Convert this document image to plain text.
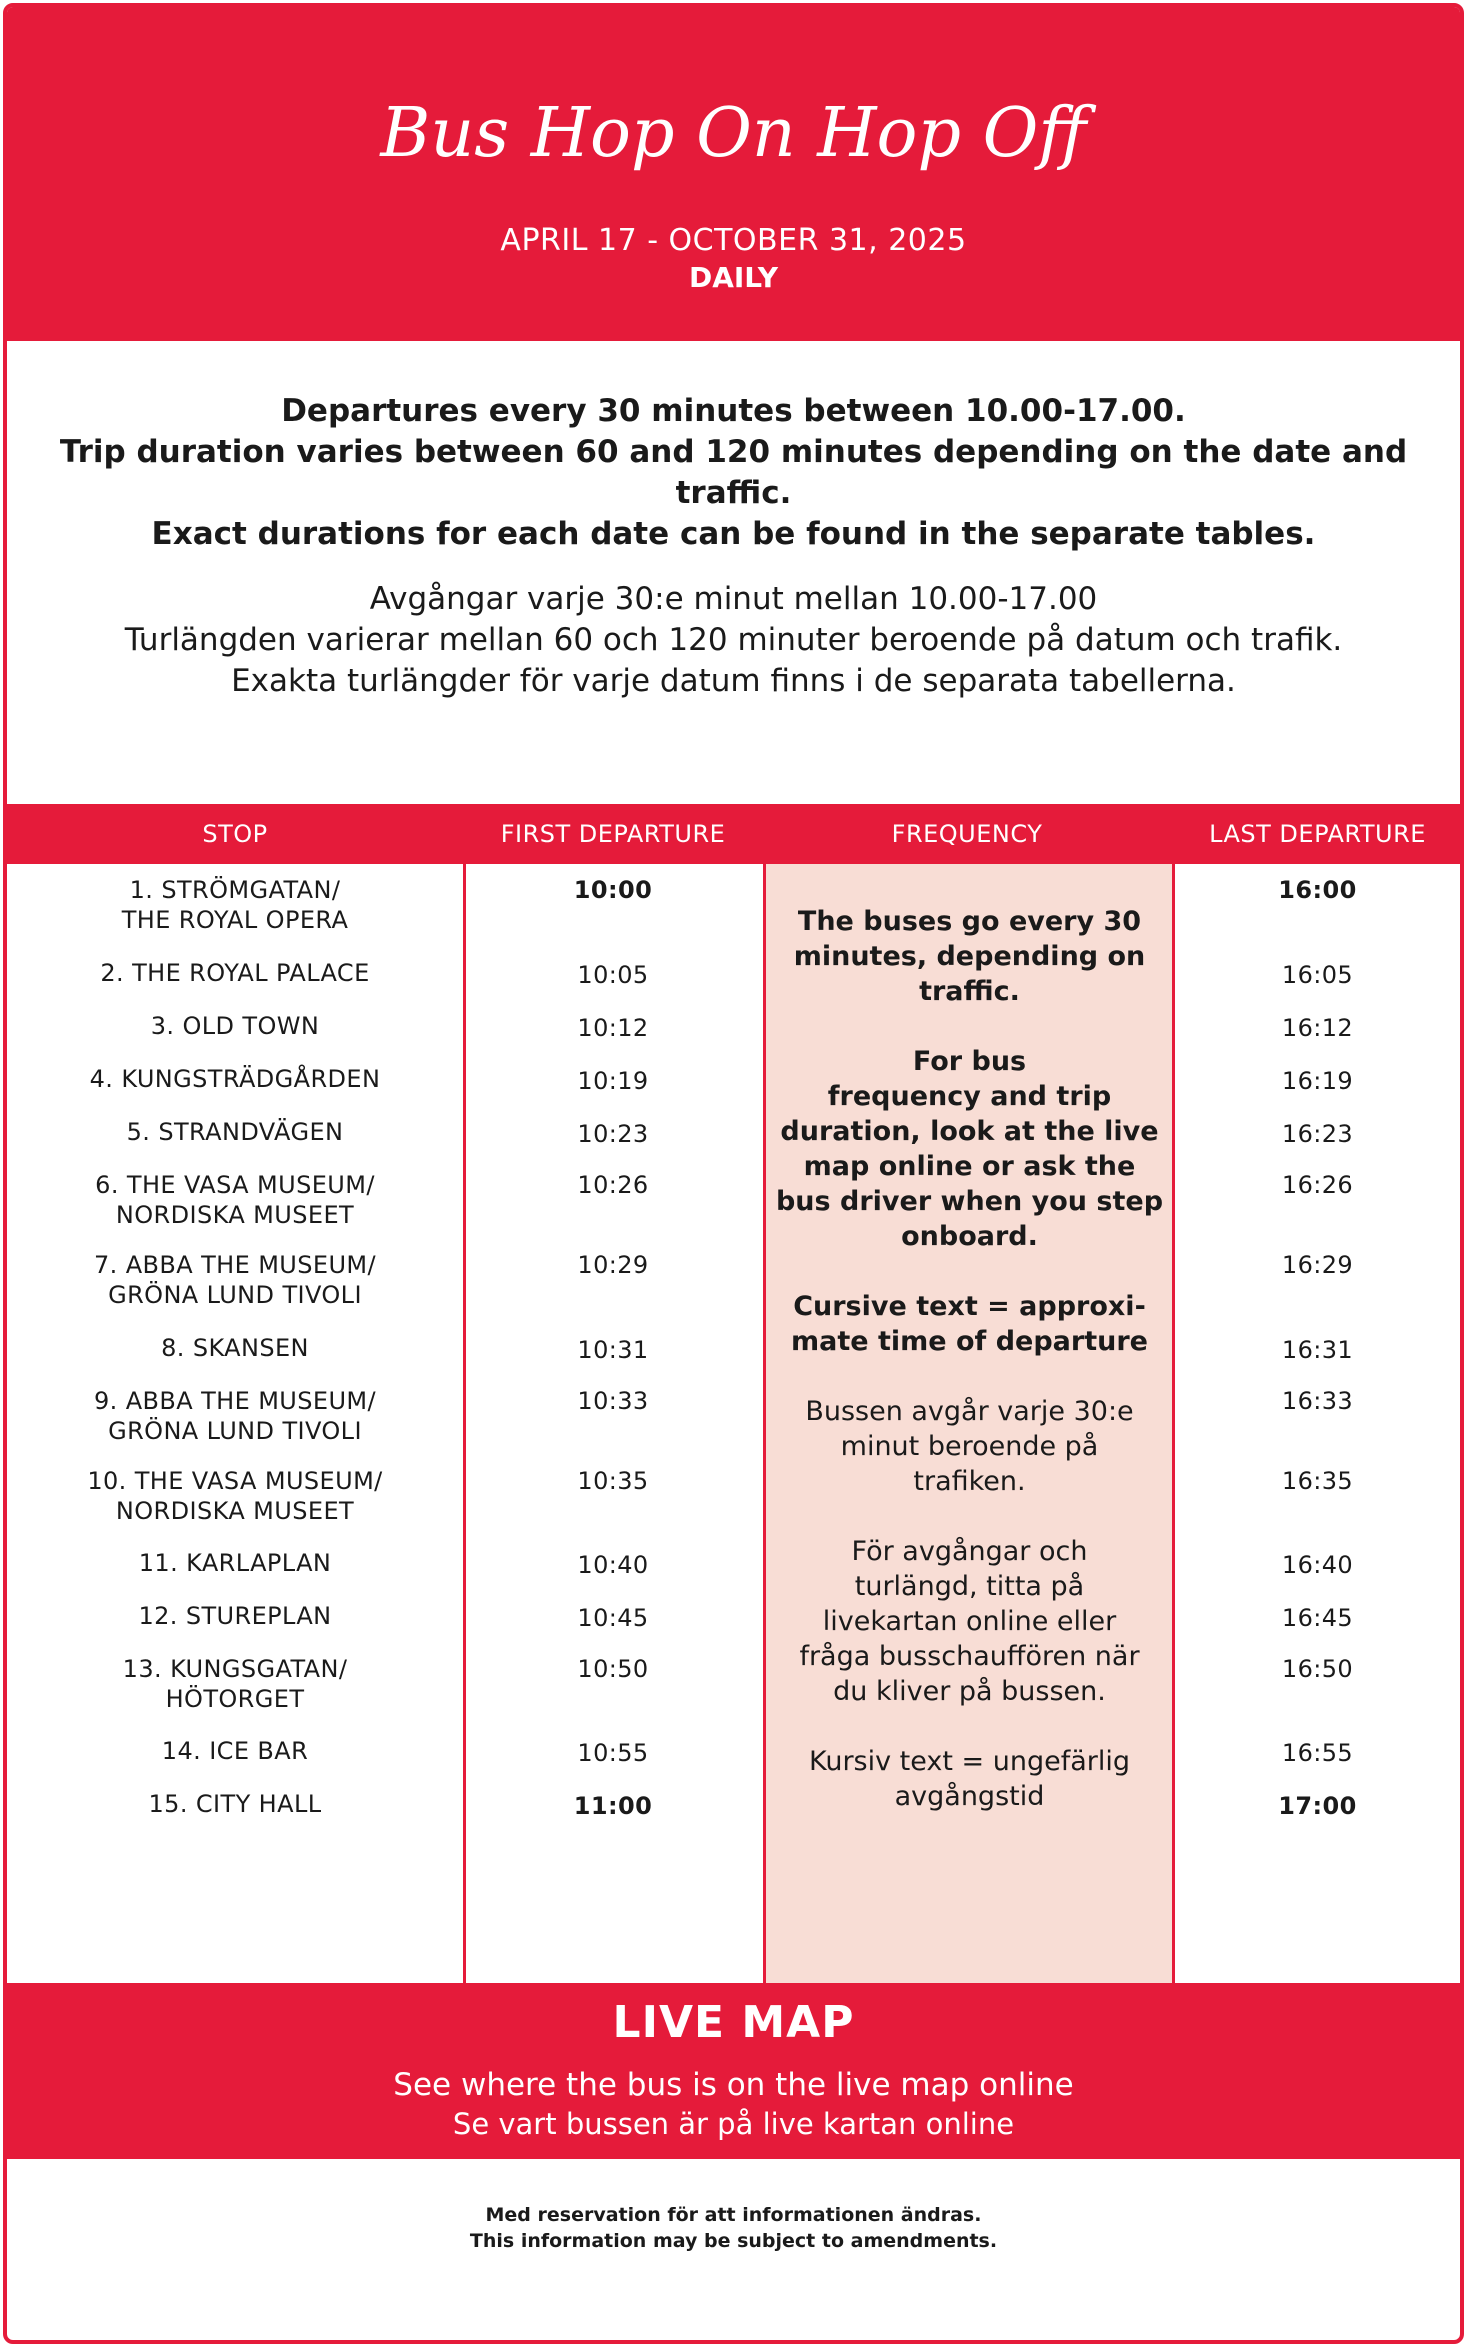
Bus Hop On Hop Off
APRIL 17 - OCTOBER 31, 2025
DAILY

Departures every 30 minutes between 10.00-17.00.

Trip duration varies between 60 and 120 minutes depending on the date and traffic.

Exact durations for each date can be found in the separate tables.

Avgångar varje 30:e minut mellan 10.00-17.00

Turlängden varierar mellan 60 och 120 minuter beroende på datum och trafik.

Exakta turlängder för varje datum finns i de separata tabellerna.

STOP	FIRST DEPARTURE	FREQUENCY	LAST DEPARTURE

The buses go every 30

minutes, depending on

traffic.

For bus

frequency and trip

duration, look at the live

map online or ask the

bus driver when you step

onboard.

Cursive text = approxi-

mate time of departure

Bussen avgår varje 30:e

minut beroende på

trafiken.

För avgångar och

turlängd, titta på

livekartan online eller

fråga busschauffören när

du kliver på bussen.

Kursiv text = ungefärlig

avgångstid

1. STRÖMGATAN/
THE ROYAL OPERA
10:00	16:00
2. THE ROYAL PALACE	10:05	16:05
3. OLD TOWN	10:12	16:12
4. KUNGSTRÄDGÅRDEN	10:19	16:19
5. STRANDVÄGEN	10:23	16:23
6. THE VASA MUSEUM/
NORDISKA MUSEET
10:26	16:26
7. ABBA THE MUSEUM/
GRÖNA LUND TIVOLI
10:29	16:29
8. SKANSEN	10:31	16:31
9. ABBA THE MUSEUM/
GRÖNA LUND TIVOLI
10:33	16:33
10. THE VASA MUSEUM/
NORDISKA MUSEET
10:35	16:35
11. KARLAPLAN	10:40	16:40
12. STUREPLAN	10:45	16:45
13. KUNGSGATAN/
HÖTORGET
10:50	16:50
14. ICE BAR	10:55	16:55
15. CITY HALL	11:00	17:00
LIVE MAP
See where the bus is on the live map online
Se vart bussen är på live kartan online

Med reservation för att informationen ändras.

This information may be subject to amendments.
